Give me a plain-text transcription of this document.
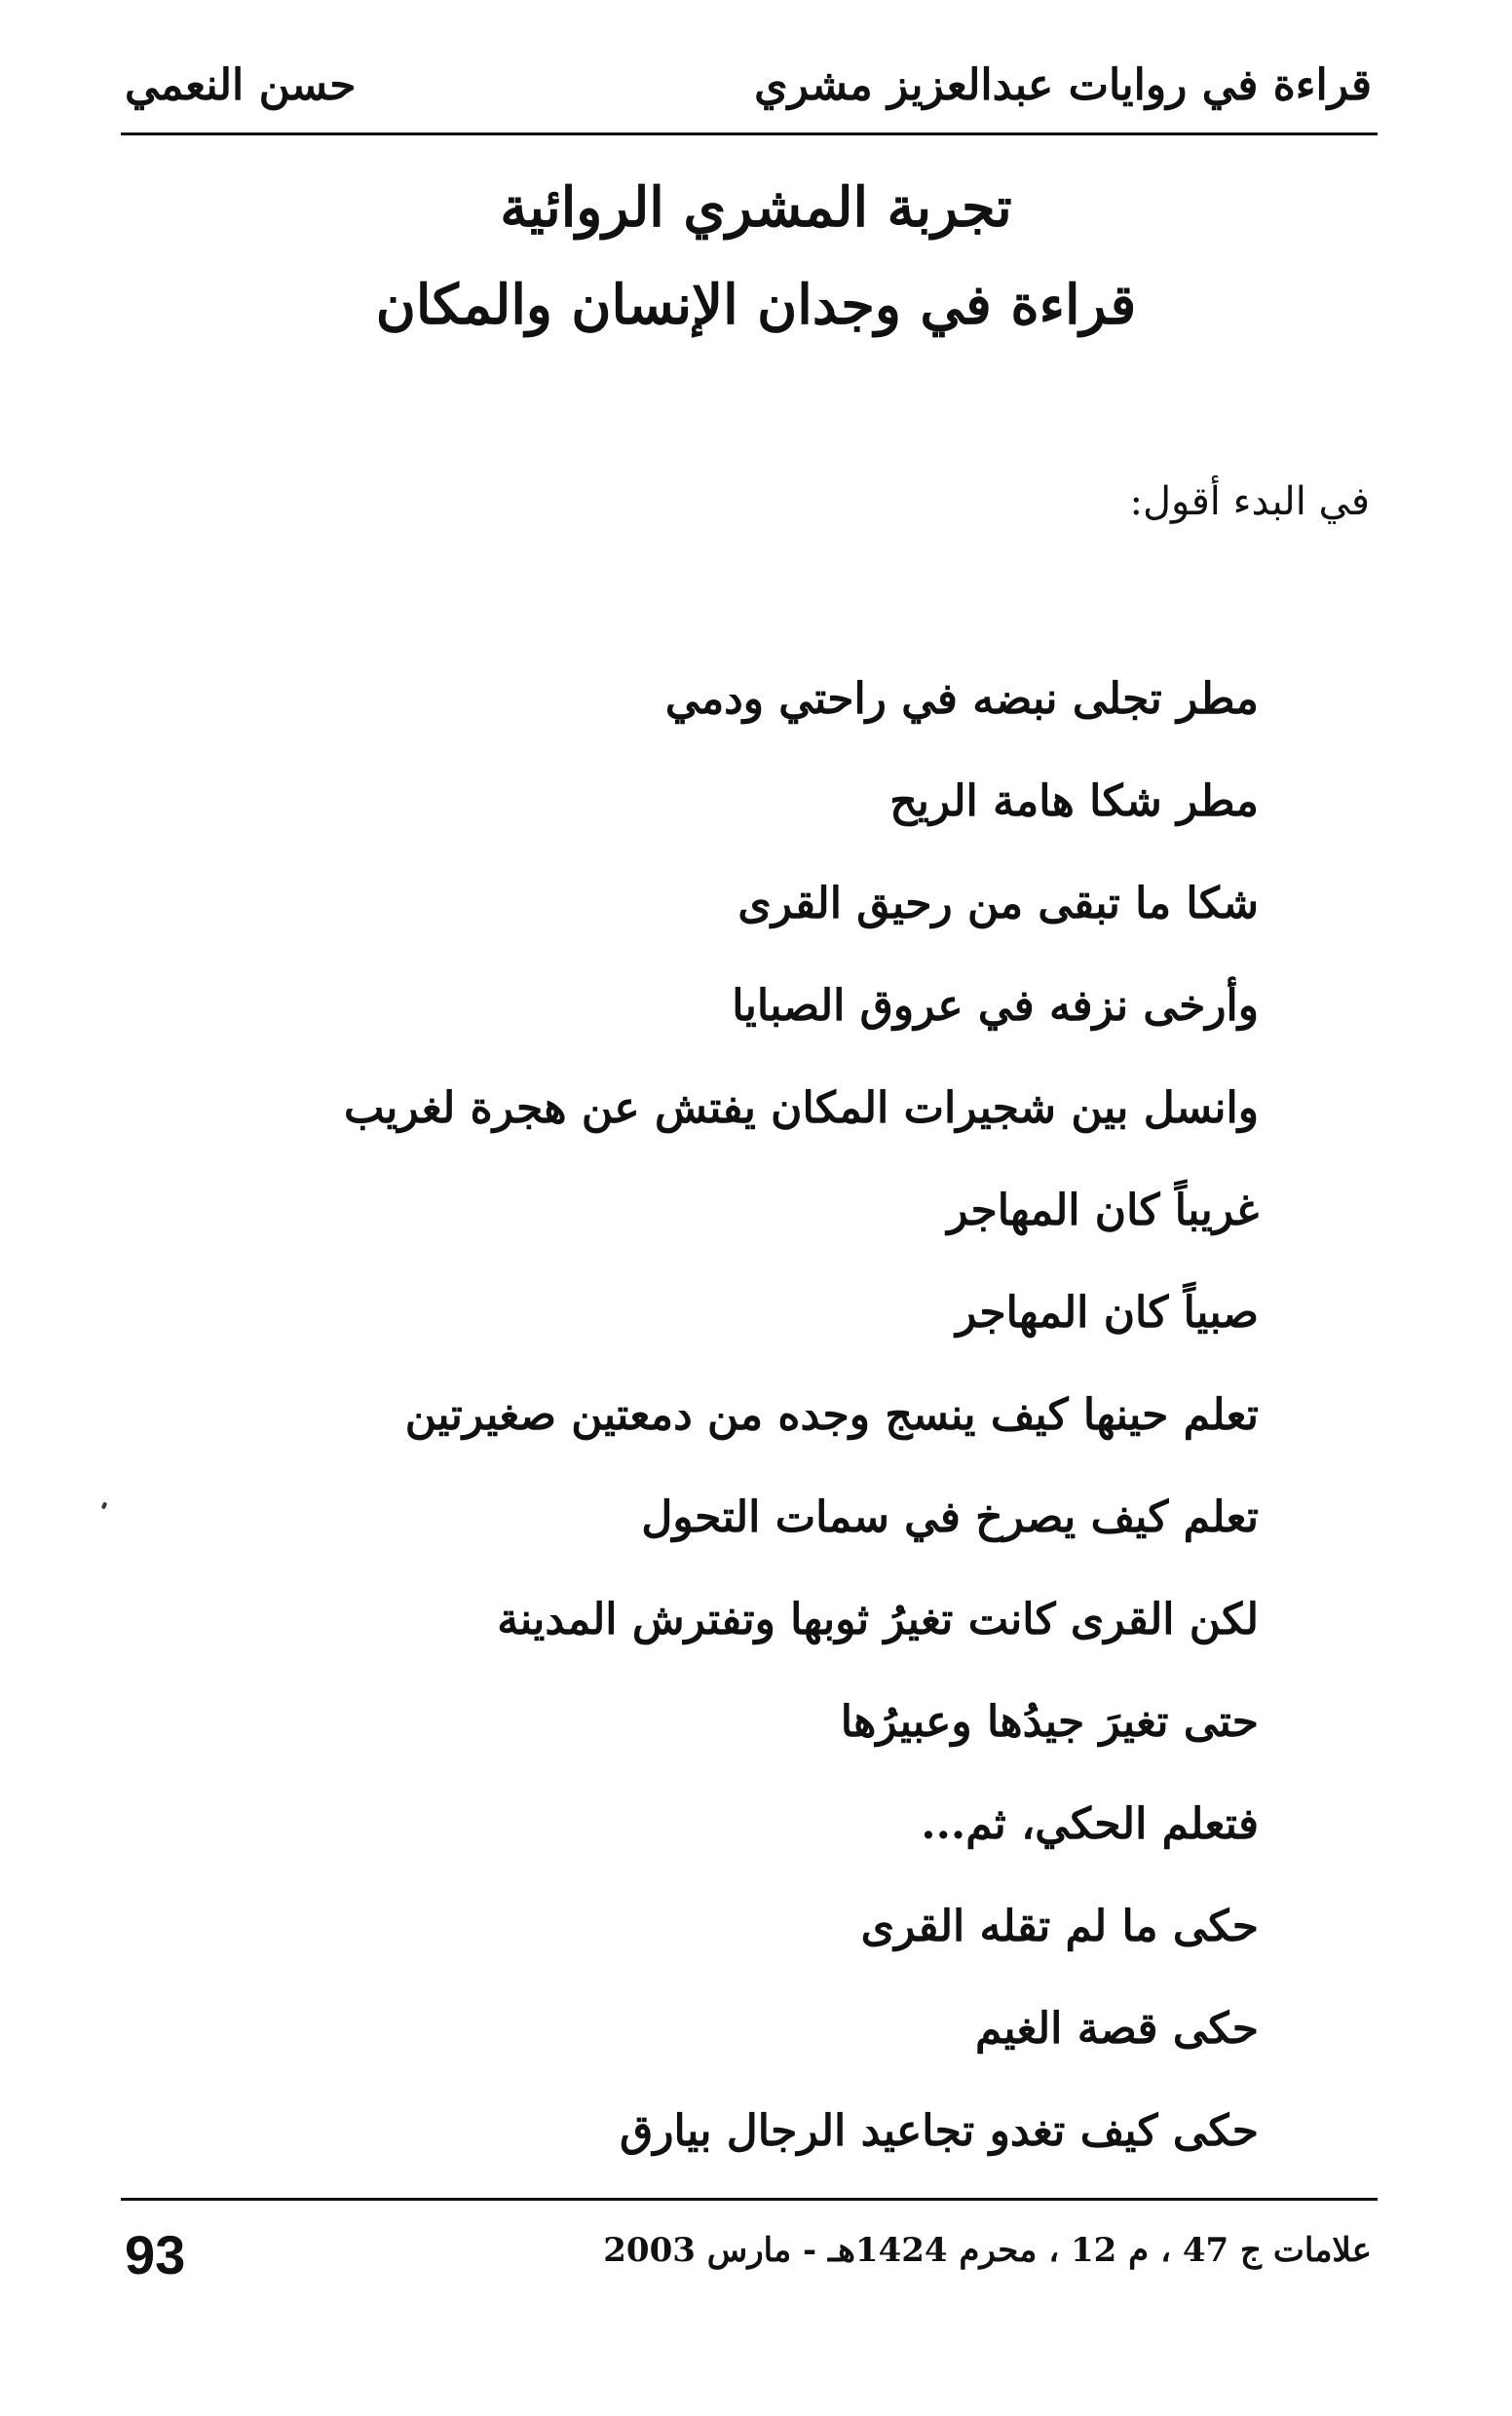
قراءة في روايات عبدالعزيز مشري
حسن النعمي
تجربة المشري الروائية
قراءة في وجدان الإنسان والمكان
في البدء أقول:
مطر تجلى نبضه في راحتي ودمي
مطر شكا هامة الريح
شكا ما تبقى من رحيق القرى
وأرخى نزفه في عروق الصبايا
وانسل بين شجيرات المكان يفتش عن هجرة لغريب
غريباً كان المهاجر
صبياً كان المهاجر
تعلم حينها كيف ينسج وجده من دمعتين صغيرتين
تعلم كيف يصرخ في سمات التحول
لكن القرى كانت تغيرُ ثوبها وتفترش المدينة
حتى تغيرَ جيدُها وعبيرُها
فتعلم الحكي، ثم...
حكى ما لم تقله القرى
حكى قصة الغيم
حكى كيف تغدو تجاعيد الرجال بيارق
93	علامات ج 47 ، م 12 ، محرم 1424هـ - مارس 2003
